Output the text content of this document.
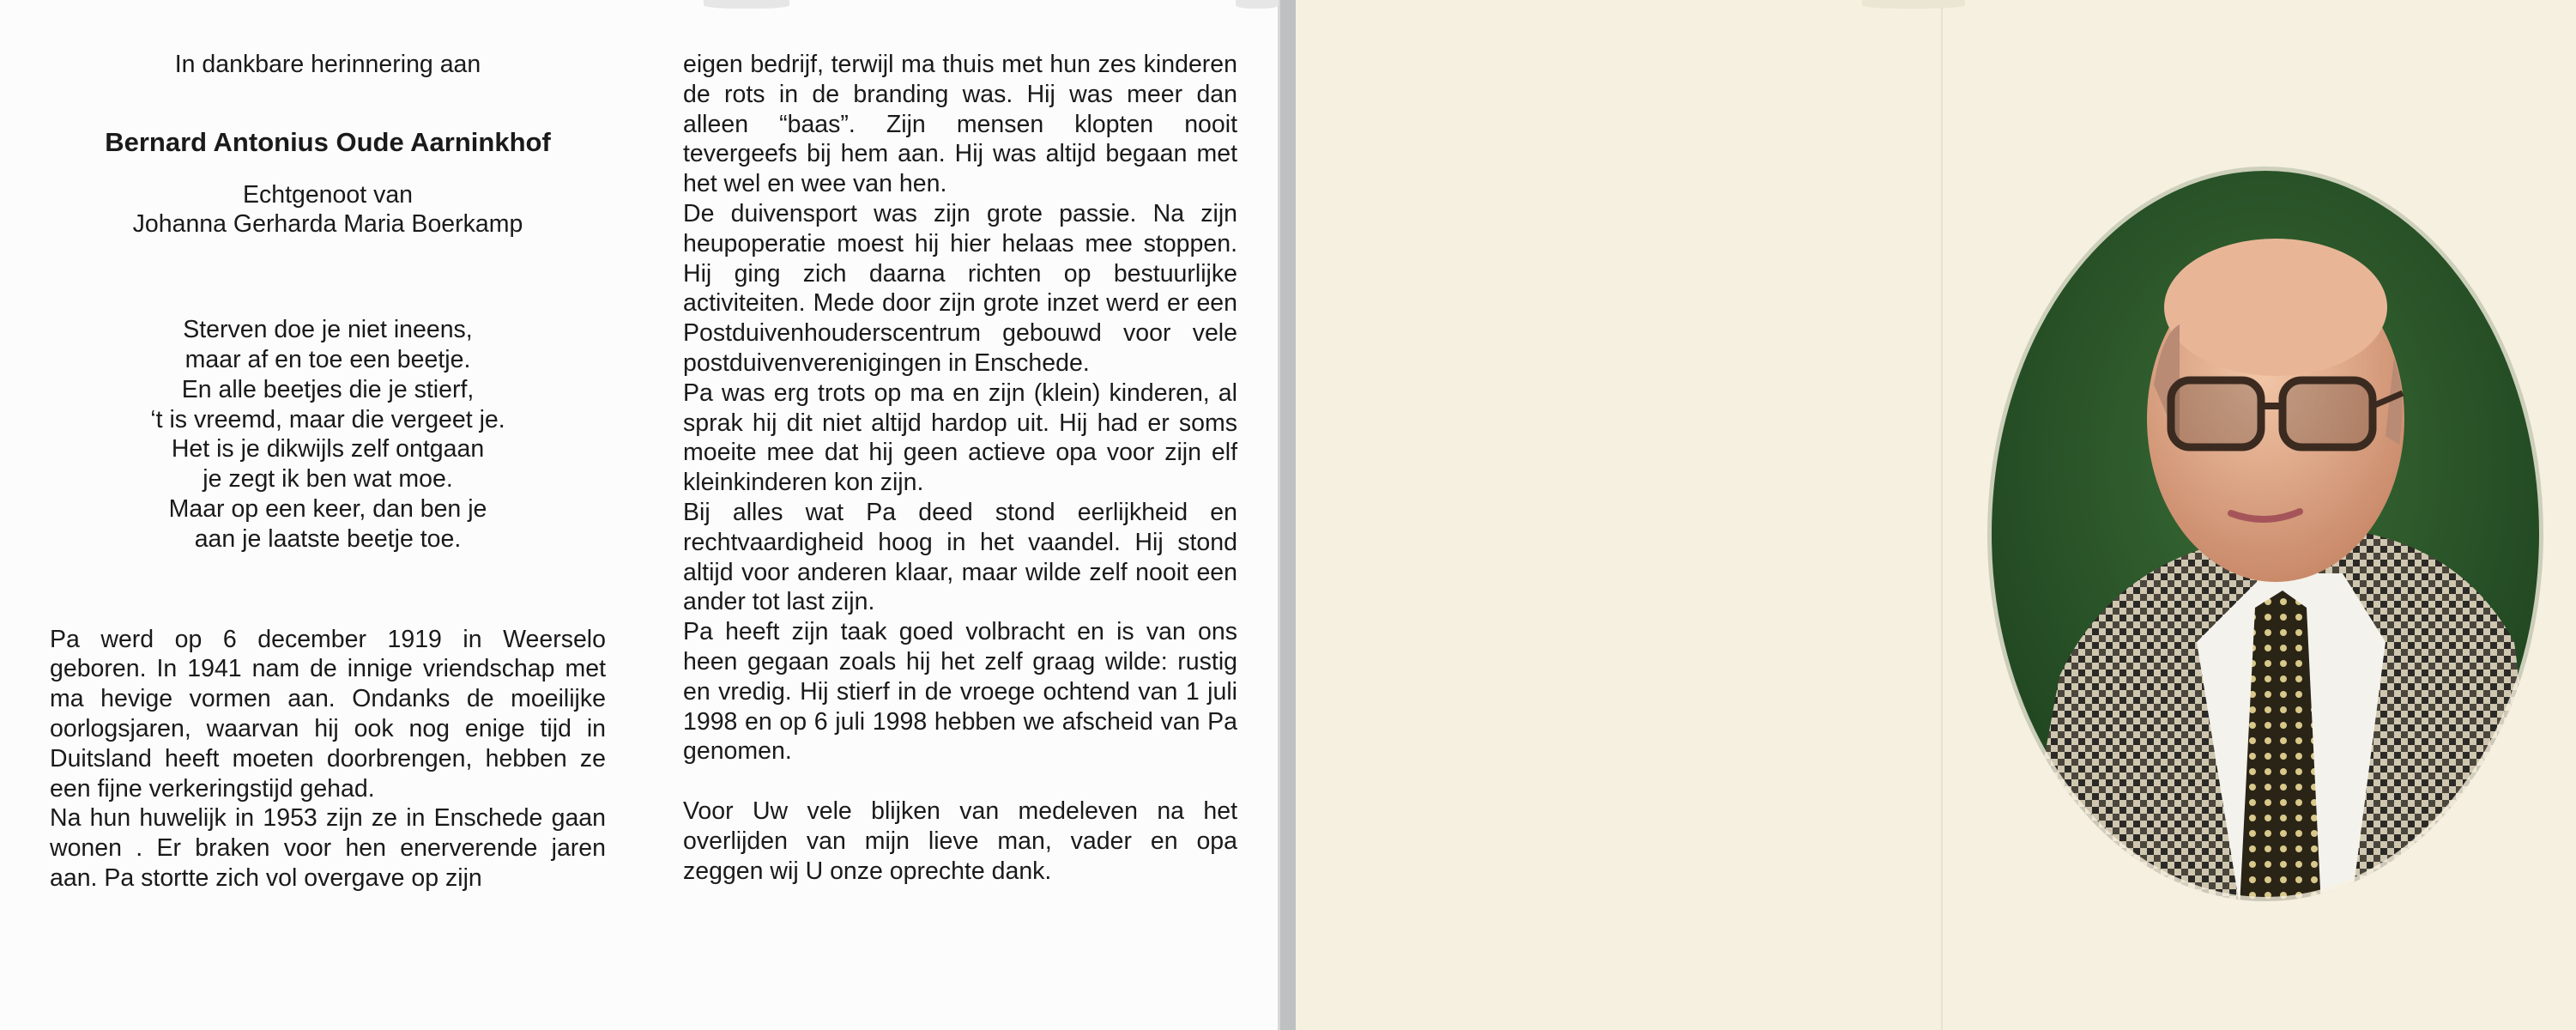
In dankbare herinnering aan

Bernard Antonius Oude Aarninkhof

Echtgenoot van
Johanna Gerharda Maria Boerkamp
Sterven doe je niet ineens,
maar af en toe een beetje.
En alle beetjes die je stierf,
‘t is vreemd, maar die vergeet je.
Het is je dikwijls zelf ontgaan
je zegt ik ben wat moe.
Maar op een keer, dan ben je
aan je laatste beetje toe.

Pa werd op 6 december 1919 in Weerselo geboren. In 1941 nam de innige vriendschap met ma hevige vormen aan. Ondanks de moeilijke oorlogsjaren, waarvan hij ook nog enige tijd in Duitsland heeft moeten doorbrengen, hebben ze een fijne verkeringstijd gehad.

Na hun huwelijk in 1953 zijn ze in Enschede gaan wonen . Er braken voor hen enerverende jaren aan. Pa stortte zich vol overgave op zijn

eigen bedrijf, terwijl ma thuis met hun zes kinderen de rots in de branding was. Hij was meer dan alleen “baas”. Zijn mensen klopten nooit tevergeefs bij hem aan. Hij was altijd begaan met het wel en wee van hen.

De duivensport was zijn grote passie. Na zijn heupoperatie moest hij hier helaas mee stoppen. Hij ging zich daarna richten op bestuurlijke activiteiten. Mede door zijn grote inzet werd er een Postduivenhouderscentrum gebouwd voor vele postduivenverenigingen in Enschede.

Pa was erg trots op ma en zijn (klein) kinderen, al sprak hij dit niet altijd hardop uit. Hij had er soms moeite mee dat hij geen actieve opa voor zijn elf kleinkinderen kon zijn.

Bij alles wat Pa deed stond eerlijkheid en rechtvaardigheid hoog in het vaandel. Hij stond altijd voor anderen klaar, maar wilde zelf nooit een ander tot last zijn.

Pa heeft zijn taak goed volbracht en is van ons heen gegaan zoals hij het zelf graag wilde: rustig en vredig. Hij stierf in de vroege ochtend van 1 juli 1998 en op 6 juli 1998 hebben we afscheid van Pa genomen.

Voor Uw vele blijken van medeleven na het overlijden van mijn lieve man, vader en opa zeggen wij U onze oprechte dank.
